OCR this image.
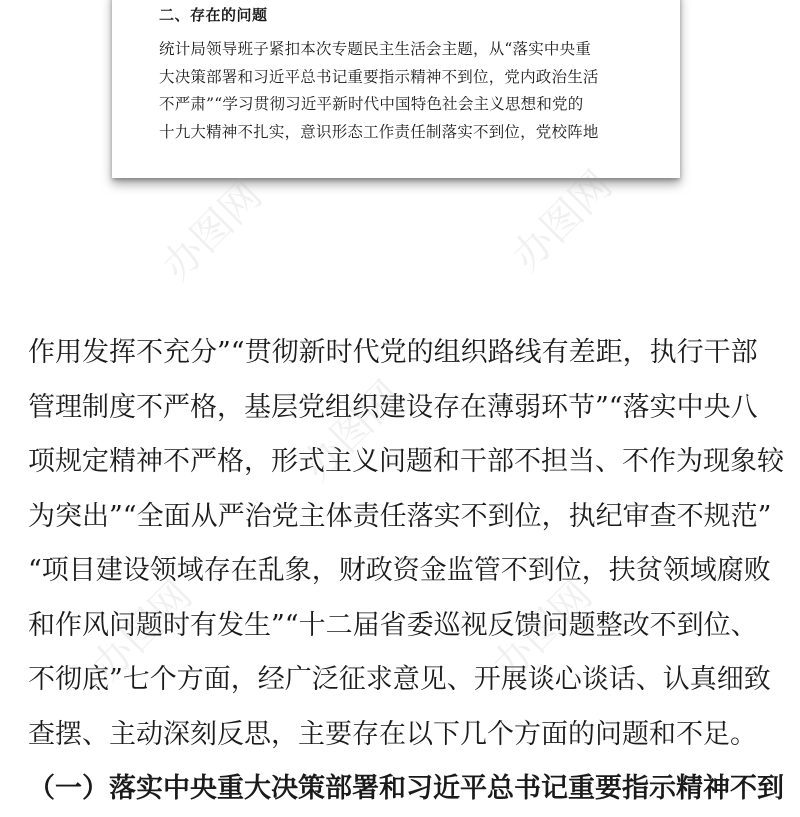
二、存在的问题
统计局领导班子紧扣本次专题民主生活会主题，从“落实中央重
大决策部署和习近平总书记重要指示精神不到位，党内政治生活
不严肃”“学习贯彻习近平新时代中国特色社会主义思想和党的
十九大精神不扎实，意识形态工作责任制落实不到位，党校阵地
作用发挥不充分”“贯彻新时代党的组织路线有差距，执行干部
管理制度不严格，基层党组织建设存在薄弱环节”“落实中央八
项规定精神不严格，形式主义问题和干部不担当、不作为现象较
为突出”“全面从严治党主体责任落实不到位，执纪审查不规范”
“项目建设领域存在乱象，财政资金监管不到位，扶贫领域腐败
和作风问题时有发生”“十二届省委巡视反馈问题整改不到位、
不彻底”七个方面，经广泛征求意见、开展谈心谈话、认真细致
查摆、主动深刻反思，主要存在以下几个方面的问题和不足。
（一）落实中央重大决策部署和习近平总书记重要指示精神不到
办图网	办图网
办图网
办图网	办图网
